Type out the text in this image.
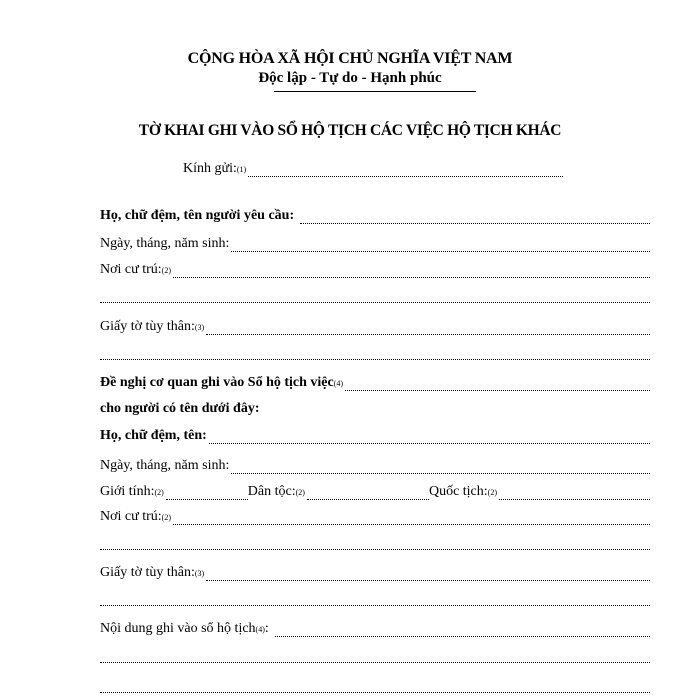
CỘNG HÒA XÃ HỘI CHỦ NGHĨA VIỆT NAM
Độc lập - Tự do - Hạnh phúc
TỜ KHAI GHI VÀO SỔ HỘ TỊCH CÁC VIỆC HỘ TỊCH KHÁC
Kính gửi: (1)
Họ, chữ đệm, tên người yêu cầu:
Ngày, tháng, năm sinh:
Nơi cư trú: (2)
Giấy tờ tùy thân: (3)
Đề nghị cơ quan ghi vào Sổ hộ tịch việc (4)
cho người có tên dưới đây:
Họ, chữ đệm, tên:
Ngày, tháng, năm sinh:
Giới tính: (2)	Dân tộc: (2)	Quốc tịch: (2)
Nơi cư trú: (2)
Giấy tờ tùy thân: (3)
Nội dung ghi vào sổ hộ tịch (4) :
